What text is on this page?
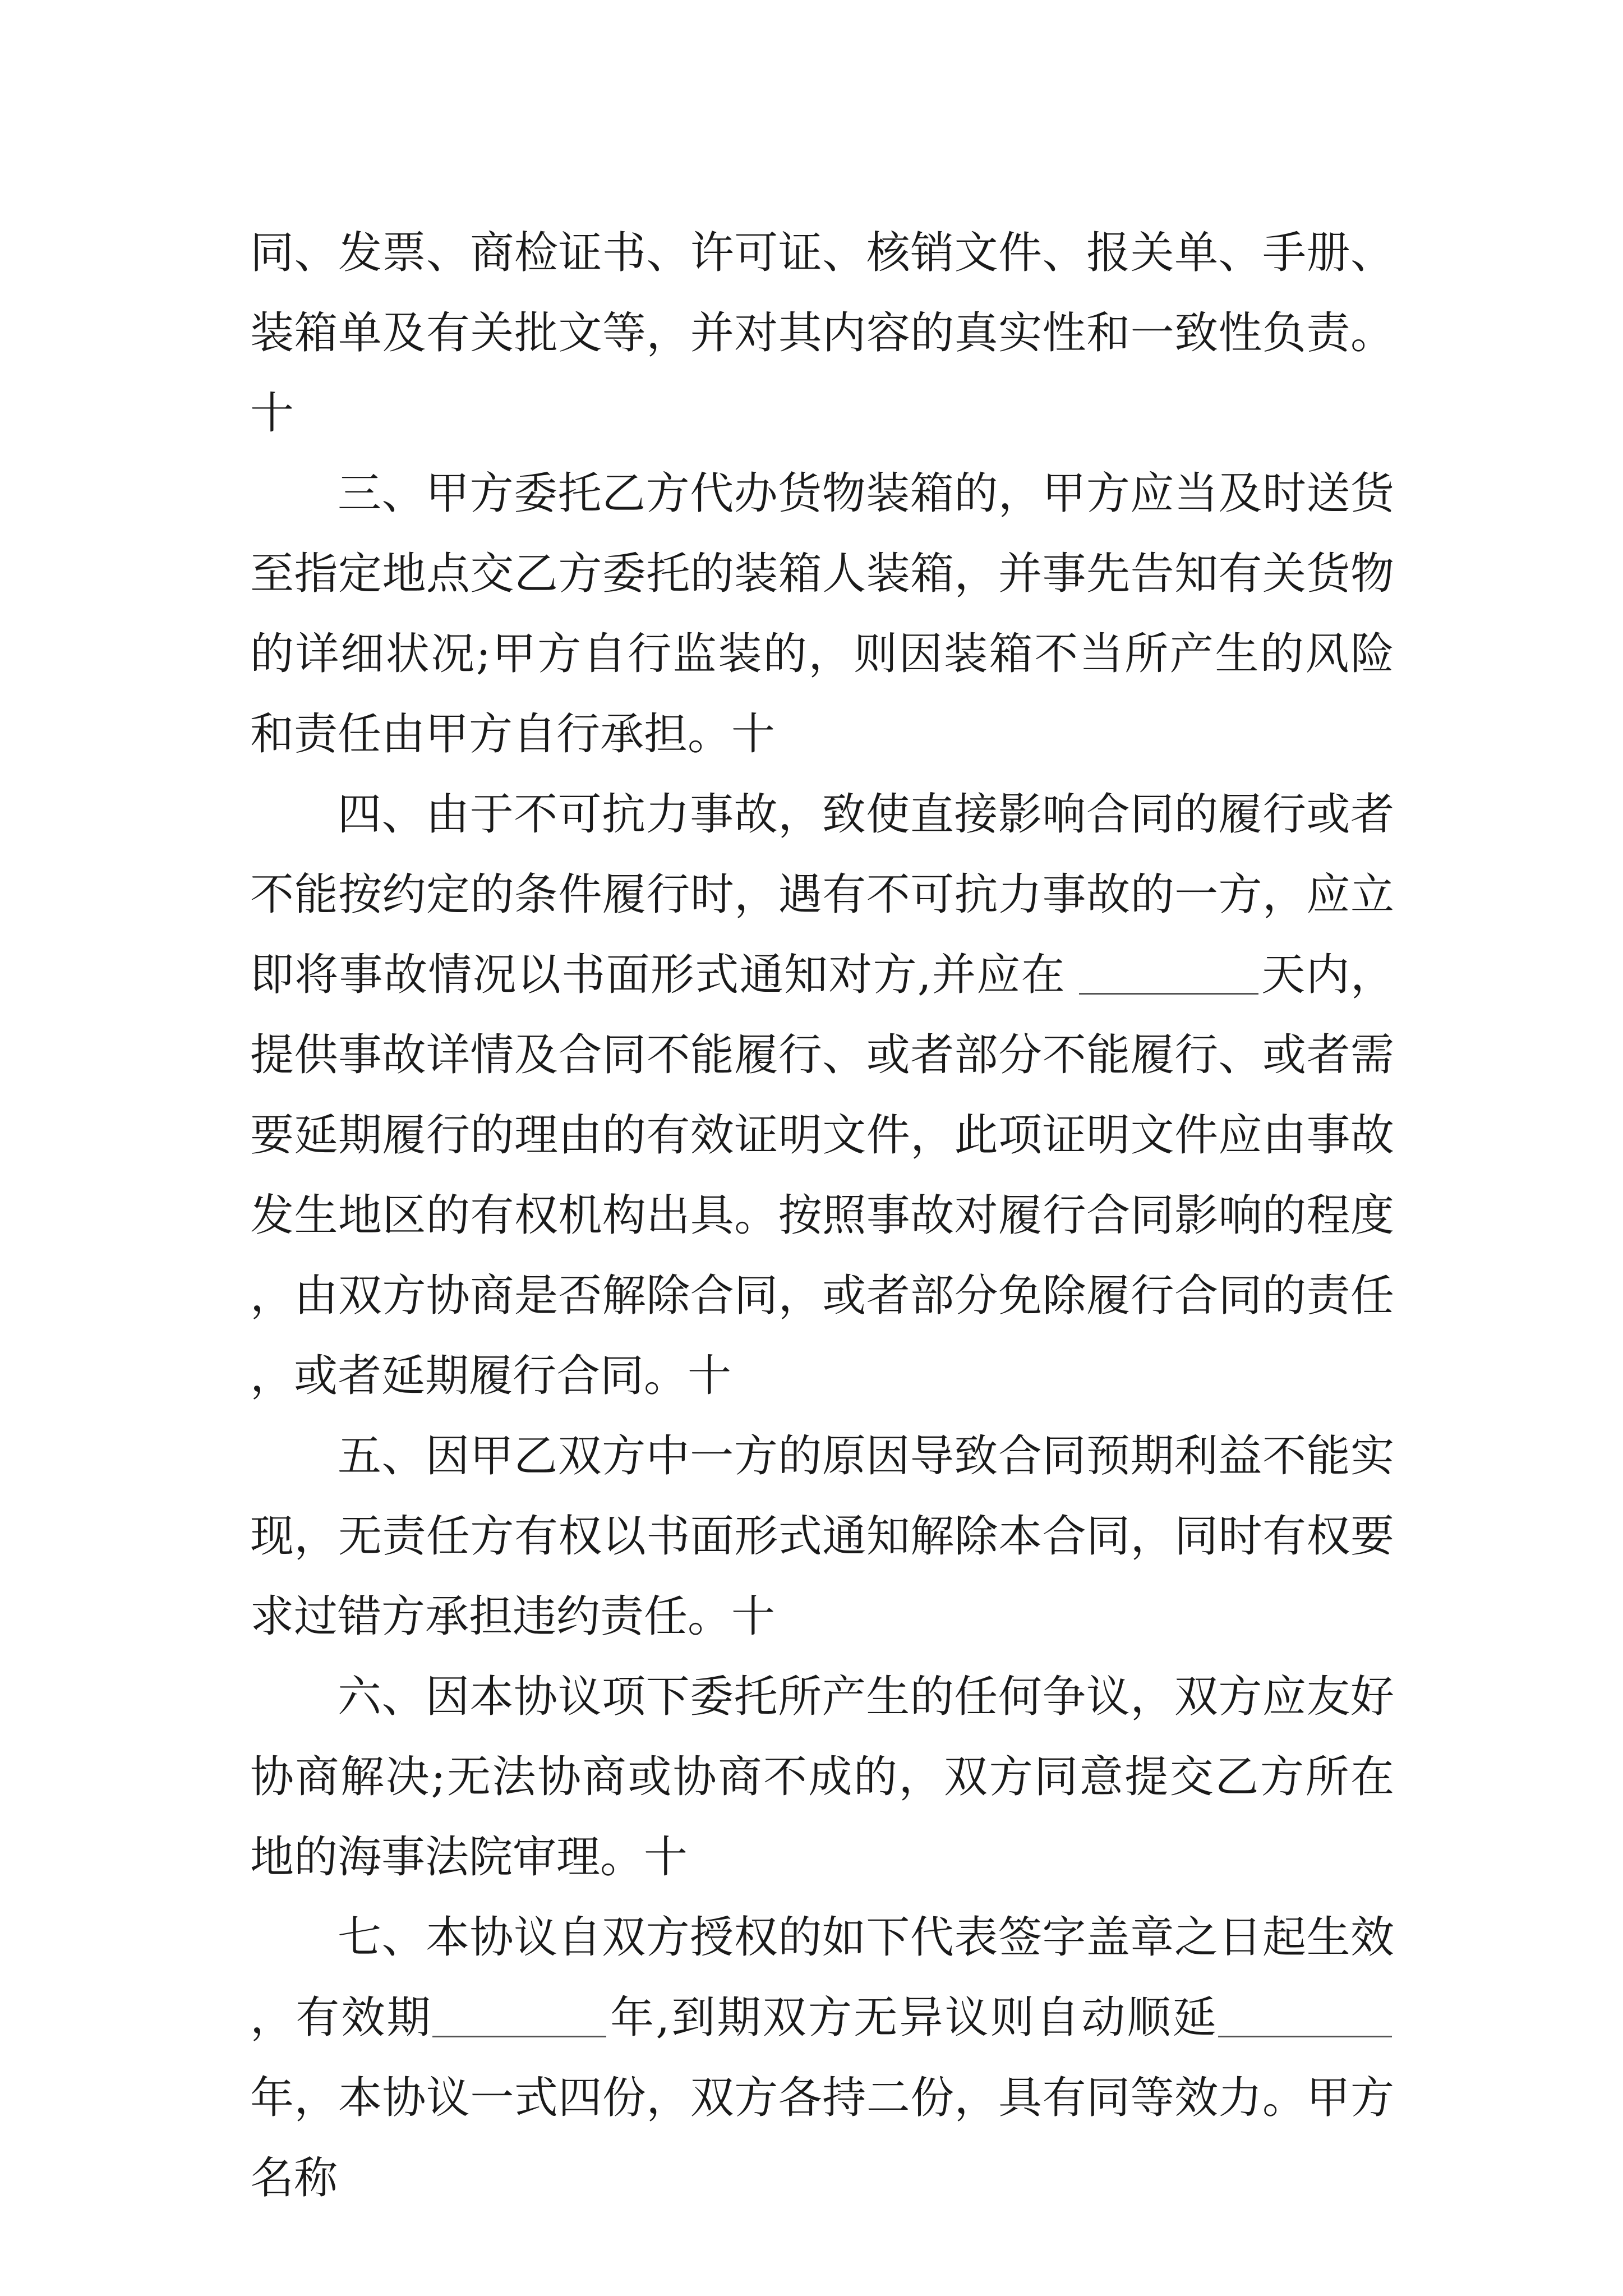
同、发票、商检证书、许可证、核销文件、报关单、手册、装箱单及有关批文等，并对其内容的真实性和一致性负责。十

三、甲方委托乙方代办货物装箱的，甲方应当及时送货至指定地点交乙方委托的装箱人装箱，并事先告知有关货物的详细状况;甲方自行监装的，则因装箱不当所产生的风险和责任由甲方自行承担。十

四、由于不可抗力事故，致使直接影响合同的履行或者不能按约定的条件履行时，遇有不可抗力事故的一方，应立即将事故情况以书面形式通知对方,并应在	天内，提供事故详情及合同不能履行、或者部分不能履行、或者需要延期履行的理由的有效证明文件，此项证明文件应由事故发生地区的有权机构出具。按照事故对履行合同影响的程度，由双方协商是否解除合同，或者部分免除履行合同的责任，或者延期履行合同。十

五、因甲乙双方中一方的原因导致合同预期利益不能实现，无责任方有权以书面形式通知解除本合同，同时有权要求过错方承担违约责任。十

六、因本协议项下委托所产生的任何争议，双方应友好协商解决;无法协商或协商不成的，双方同意提交乙方所在地的海事法院审理。十

七、本协议自双方授权的如下代表签字盖章之日起生效，有效期	年,到期双方无异议则自动顺延年，本协议一式四份，双方各持二份，具有同等效力。甲方名称
